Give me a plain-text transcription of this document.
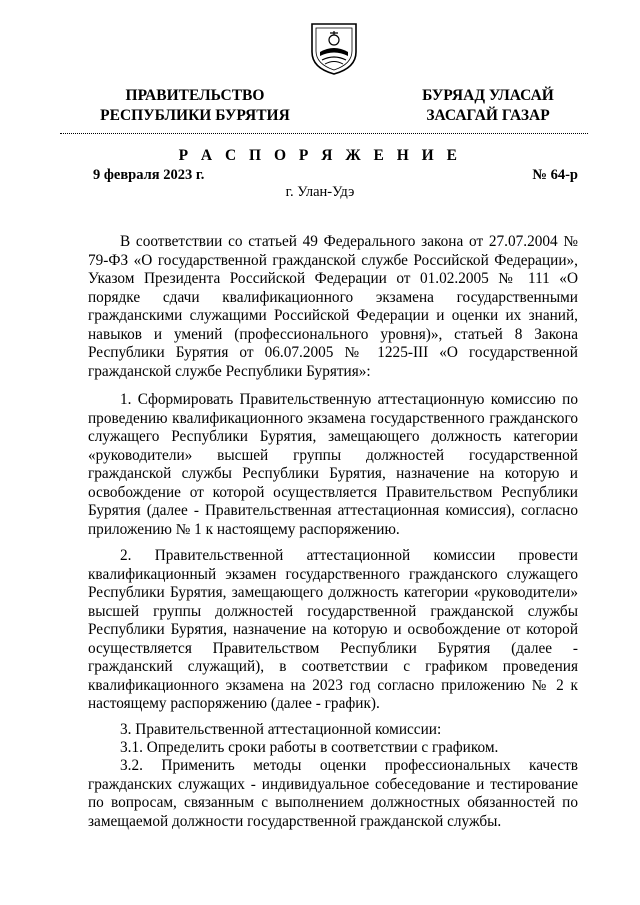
ПРАВИТЕЛЬСТВО
РЕСПУБЛИКИ БУРЯТИЯ
БУРЯАД УЛАСАЙ
ЗАСАГАЙ ГАЗАР
Р А С П О Р Я Ж Е Н И Е
9 февраля 2023 г.	№ 64-р
г. Улан-Удэ
В соответствии со статьей 49 Федерального закона от 27.07.2004 № 79-ФЗ «О государственной гражданской службе Российской Федерации», Указом Президента Российской Федерации от 01.02.2005 № 111 «О порядке сдачи квалификационного экзамена государственными гражданскими служащими Российской Федерации и оценки их знаний, навыков и умений (профессионального уровня)», статьей 8 Закона Республики Бурятия от 06.07.2005 № 1225-III «О государственной гражданской службе Республики Бурятия»:
1. Сформировать Правительственную аттестационную комиссию по проведению квалификационного экзамена государственного гражданского служащего Республики Бурятия, замещающего должность категории «руководители» высшей группы должностей государственной гражданской службы Республики Бурятия, назначение на которую и освобождение от которой осуществляется Правительством Республики Бурятия (далее - Правительственная аттестационная комиссия), согласно приложению № 1 к настоящему распоряжению.
2. Правительственной аттестационной комиссии провести квалификационный экзамен государственного гражданского служащего Республики Бурятия, замещающего должность категории «руководители» высшей группы должностей государственной гражданской службы Республики Бурятия, назначение на которую и освобождение от которой осуществляется Правительством Республики Бурятия (далее - гражданский служащий), в соответствии с графиком проведения квалификационного экзамена на 2023 год согласно приложению № 2 к настоящему распоряжению (далее - график).
3. Правительственной аттестационной комиссии:
3.1. Определить сроки работы в соответствии с графиком.
3.2. Применить методы оценки профессиональных качеств гражданских служащих - индивидуальное собеседование и тестирование по вопросам, связанным с выполнением должностных обязанностей по замещаемой должности государственной гражданской службы.
